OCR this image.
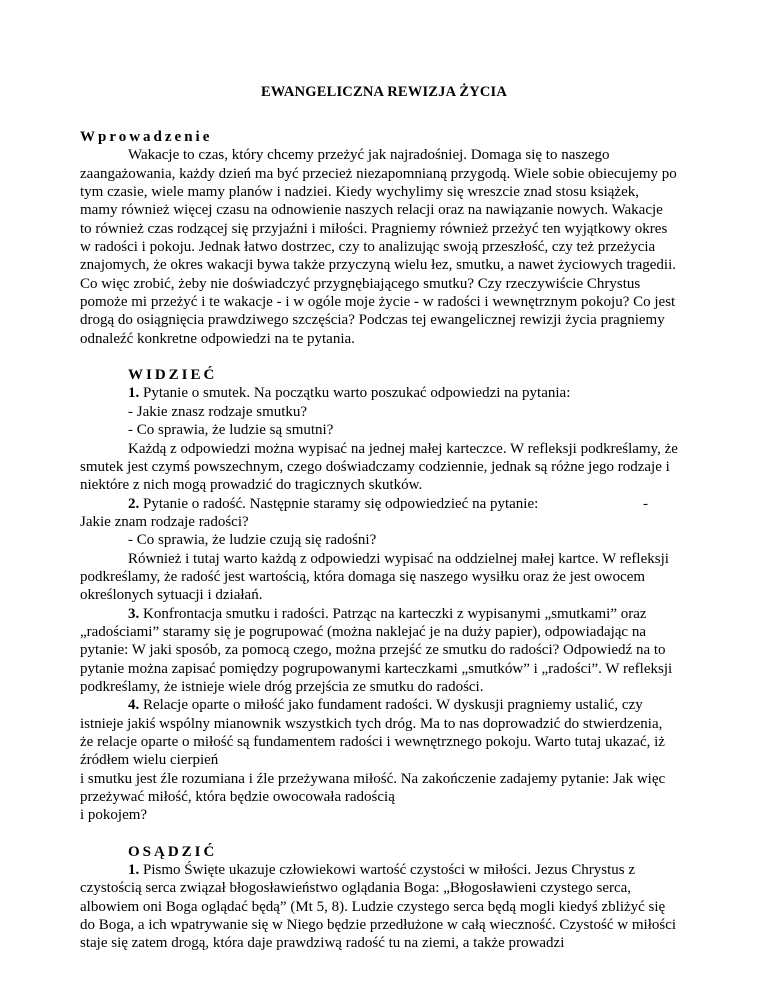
EWANGELICZNA REWIZJA ŻYCIA

Wprowadzenie

Wakacje to czas, który chcemy przeżyć jak najradośniej. Domaga się to naszego zaangażowania, każdy dzień ma być przecież niezapomnianą przygodą. Wiele sobie obiecujemy po tym czasie, wiele mamy planów i nadziei. Kiedy wychylimy się wreszcie znad stosu książek, mamy również więcej czasu na odnowienie naszych relacji oraz na nawiązanie nowych. Wakacje to również czas rodzącej się przyjaźni i miłości. Pragniemy również przeżyć ten wyjątkowy okres w radości i pokoju. Jednak łatwo dostrzec, czy to analizując swoją przeszłość, czy też przeżycia znajomych, że okres wakacji bywa także przyczyną wielu łez, smutku, a nawet życiowych tragedii. Co więc zrobić, żeby nie doświadczyć przygnębiającego smutku? Czy rzeczywiście Chrystus pomoże mi przeżyć i te wakacje - i w ogóle moje życie - w radości i wewnętrznym pokoju? Co jest drogą do osiągnięcia prawdziwego szczęścia? Podczas tej ewangelicznej rewizji życia pragniemy odnaleźć konkretne odpowiedzi na te pytania.

WIDZIEĆ

1. Pytanie o smutek. Na początku warto poszukać odpowiedzi na pytania:

- Jakie znasz rodzaje smutku?

- Co sprawia, że ludzie są smutni?

Każdą z odpowiedzi można wypisać na jednej małej karteczce. W refleksji podkreślamy, że smutek jest czymś powszechnym, czego doświadczamy codziennie, jednak są różne jego rodzaje i niektóre z nich mogą prowadzić do tragicznych skutków.

2. Pytanie o radość. Następnie staramy się odpowiedzieć na pytanie:	-

Jakie znam rodzaje radości?

- Co sprawia, że ludzie czują się radośni?

Również i tutaj warto każdą z odpowiedzi wypisać na oddzielnej małej kartce. W refleksji podkreślamy, że radość jest wartością, która domaga się naszego wysiłku oraz że jest owocem określonych sytuacji i działań.

3. Konfrontacja smutku i radości. Patrząc na karteczki z wypisanymi „smutkami” oraz „radościami” staramy się je pogrupować (można naklejać je na duży papier), odpowiadając na pytanie: W jaki sposób, za pomocą czego, można przejść ze smutku do radości? Odpowiedź na to pytanie można zapisać pomiędzy pogrupowanymi karteczkami „smutków” i „radości”. W refleksji podkreślamy, że istnieje wiele dróg przejścia ze smutku do radości.

4. Relacje oparte o miłość jako fundament radości. W dyskusji pragniemy ustalić, czy istnieje jakiś wspólny mianownik wszystkich tych dróg. Ma to nas doprowadzić do stwierdzenia, że relacje oparte o miłość są fundamentem radości i wewnętrznego pokoju. Warto tutaj ukazać, iż źródłem wielu cierpień

i smutku jest źle rozumiana i źle przeżywana miłość. Na zakończenie zadajemy pytanie: Jak więc przeżywać miłość, która będzie owocowała radością

i pokojem?

OSĄDZIĆ

1. Pismo Święte ukazuje człowiekowi wartość czystości w miłości. Jezus Chrystus z czystością serca związał błogosławieństwo oglądania Boga: „Błogosławieni czystego serca, albowiem oni Boga oglądać będą” (Mt 5, 8). Ludzie czystego serca będą mogli kiedyś zbliżyć się do Boga, a ich wpatrywanie się w Niego będzie przedłużone w całą wieczność. Czystość w miłości staje się zatem drogą, która daje prawdziwą radość tu na ziemi, a także prowadzi
